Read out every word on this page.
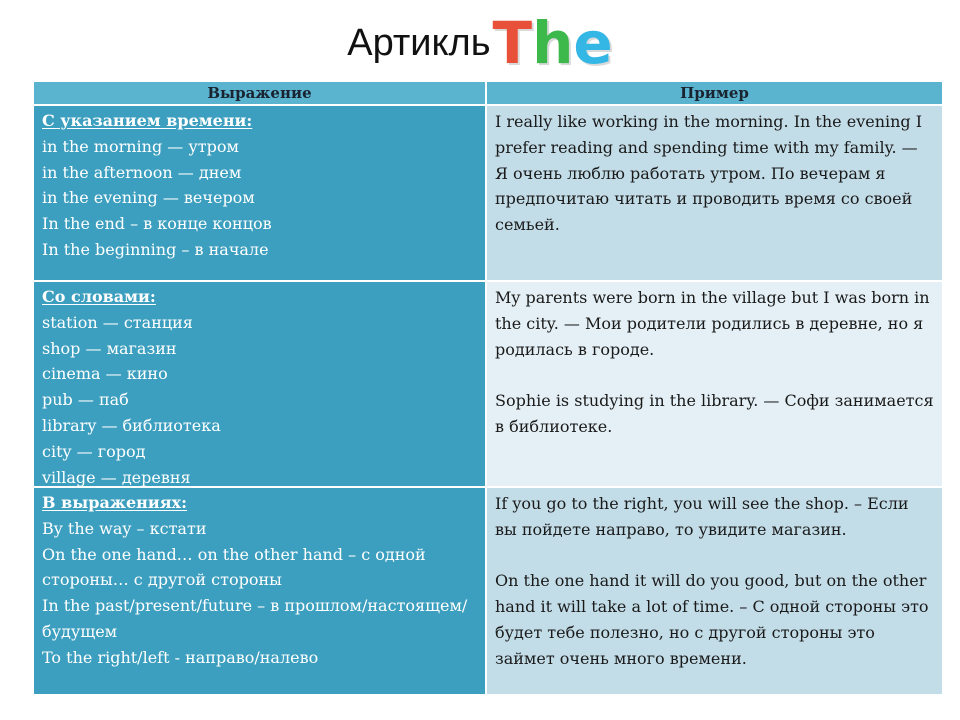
Артикль T h e
Выражение	Пример
С указанием времени:
in the morning — утром
in the afternoon — днем
in the evening — вечером
In the end – в конце концов
In the beginning – в начале
I really like working in the morning. In the evening I prefer reading and spending time with my family. — Я очень люблю работать утром. По вечерам я предпочитаю читать и проводить время со своей семьей.
Со словами:
station — станция
shop — магазин
cinema — кино
pub — паб
library — библиотека
city — город
village — деревня
My parents were born in the village but I was born in the city. — Мои родители родились в деревне, но я родилась в городе.
Sophie is studying in the library. — Софи занимается в библиотеке.
В выражениях:
By the way – кстати
On the one hand… on the other hand – с одной стороны… с другой стороны
In the past/present/future – в прошлом/настоящем/будущем
To the right/left - направо/налево
If you go to the right, you will see the shop. – Если вы пойдете направо, то увидите магазин.
On the one hand it will do you good, but on the other hand it will take a lot of time. – С одной стороны это будет тебе полезно, но с другой стороны это займет очень много времени.
